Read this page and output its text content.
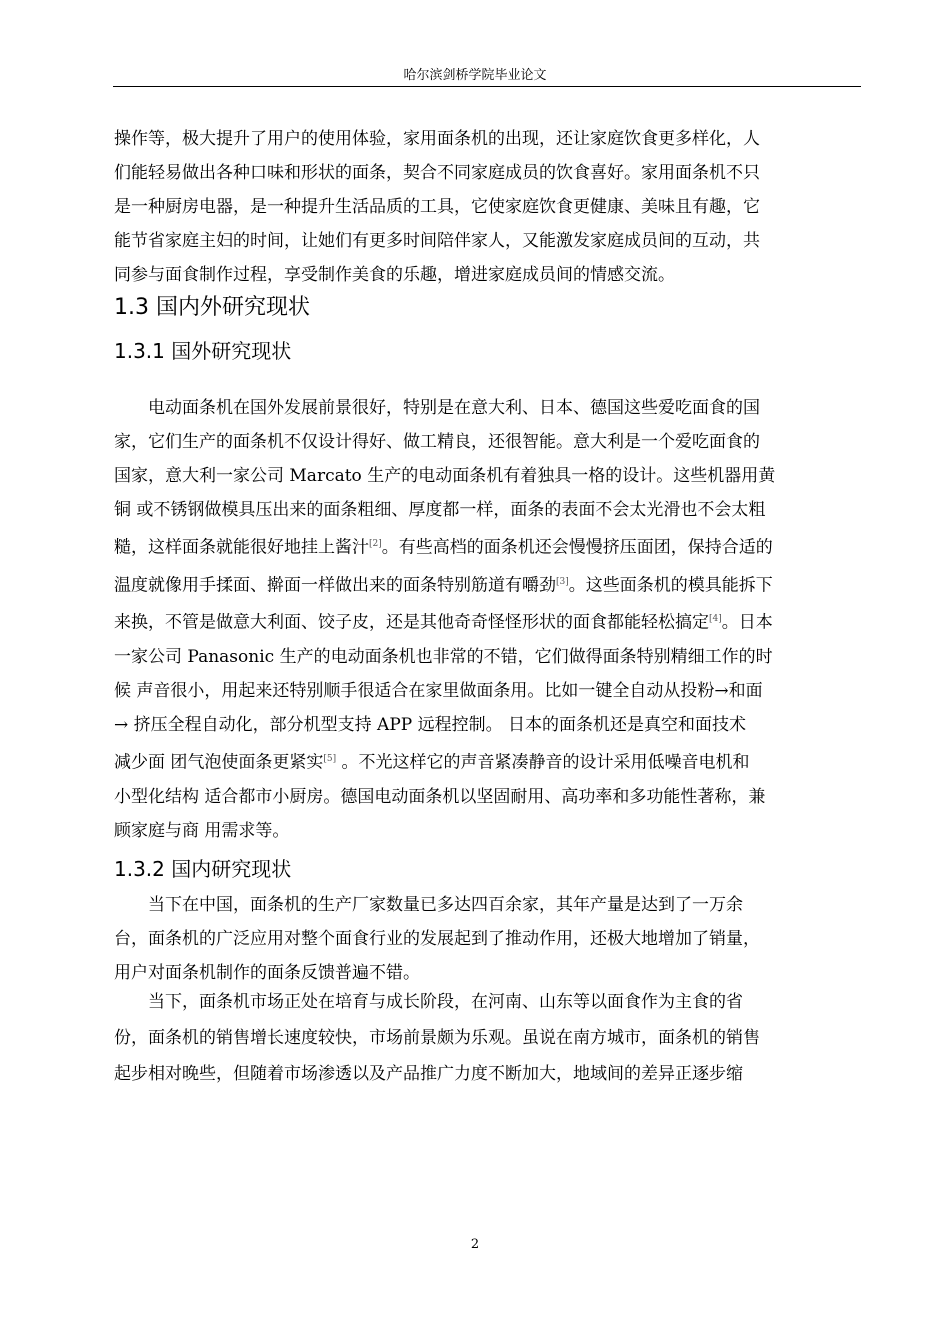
哈尔滨剑桥学院毕业论文
操作等，极大提升了用户的使用体验，家用面条机的出现，还让家庭饮食更多样化，人
们能轻易做出各种口味和形状的面条，契合不同家庭成员的饮食喜好。家用面条机不只
是一种厨房电器，是一种提升生活品质的工具，它使家庭饮食更健康、美味且有趣，它
能节省家庭主妇的时间，让她们有更多时间陪伴家人，又能激发家庭成员间的互动，共
同参与面食制作过程，享受制作美食的乐趣，增进家庭成员间的情感交流。
1.3 国内外研究现状
1.3.1 国外研究现状
电动面条机在国外发展前景很好，特别是在意大利、日本、德国这些爱吃面食的国
家，它们生产的面条机不仅设计得好、做工精良，还很智能。意大利是一个爱吃面食的
国家，意大利一家公司 Marcato 生产的电动面条机有着独具一格的设计。这些机器用黄
铜 或不锈钢做模具压出来的面条粗细、厚度都一样，面条的表面不会太光滑也不会太粗
糙，这样面条就能很好地挂上酱汁[2]。有些高档的面条机还会慢慢挤压面团，保持合适的
温度就像用手揉面、擀面一样做出来的面条特别筋道有嚼劲[3]。这些面条机的模具能拆下
来换，不管是做意大利面、饺子皮，还是其他奇奇怪怪形状的面食都能轻松搞定[4]。日本
一家公司 Panasonic 生产的电动面条机也非常的不错，它们做得面条特别精细工作的时
候 声音很小，用起来还特别顺手很适合在家里做面条用。比如一键全自动从投粉→和面
→ 挤压全程自动化，部分机型支持 APP 远程控制。 日本的面条机还是真空和面技术
减少面 团气泡使面条更紧实[5] 。不光这样它的声音紧凑静音的设计采用低噪音电机和
小型化结构 适合都市小厨房。德国电动面条机以坚固耐用、高功率和多功能性著称，兼
顾家庭与商 用需求等。
1.3.2 国内研究现状
当下在中国，面条机的生产厂家数量已多达四百余家，其年产量是达到了一万余
台，面条机的广泛应用对整个面食行业的发展起到了推动作用，还极大地增加了销量，
用户对面条机制作的面条反馈普遍不错。
当下，面条机市场正处在培育与成长阶段，在河南、山东等以面食作为主食的省
份，面条机的销售增长速度较快，市场前景颇为乐观。虽说在南方城市，面条机的销售
起步相对晚些，但随着市场渗透以及产品推广力度不断加大，地域间的差异正逐步缩
2
